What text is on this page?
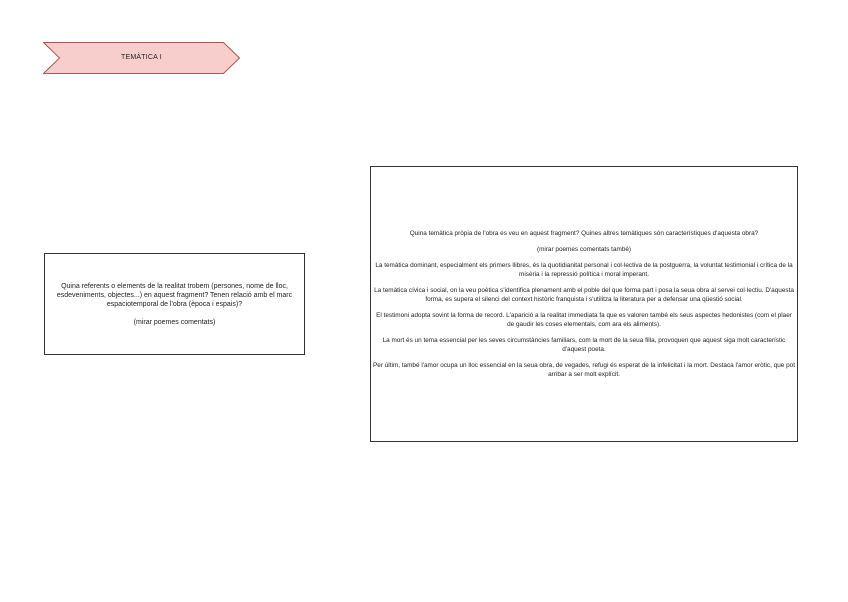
TEMÀTICA I

Quina referents o elements de la realitat trobem (persones, nome de lloc, esdeveniments, objectes...) en aquest fragment? Tenen relació amb el marc espaciotemporal de l'obra (època i espais)?

(mirar poemes comentats)

Quina temàtica pròpia de l'obra es veu en aquest fragment? Quines altres temàtiques són característiques d'aquesta obra?

(mirar poemes comentats també)

La temàtica dominant, especialment els primers llibres, és la quotidianitat personal i col·lectiva de la postguerra, la voluntat testimonial i crítica de la misèria i la repressió política i moral imperant.

La temàtica cívica i social, on la veu poètica s'identifica plenament amb el poble del que forma part i posa la seua obra al servei col·lectiu. D'aquesta forma, es supera el silenci del context històric franquista i s'utilitza la literatura per a defensar una qüestió social.

El testimoni adopta sovint la forma de record. L'aparició a la realitat immediata fa que es valoren també els seus aspectes hedonistes (com el plaer de gaudir les coses elementals, com ara els aliments).

La mort és un tema essencial per les seves circumstàncies familiars, com la mort de la seua filla, provoquen que aquest siga molt característic d'aquest poeta.

Per últim, també l'amor ocupa un lloc essencial en la seua obra, de vegades, refugi és esperat de la infelicitat i la mort. Destaca l'amor eròtic, que pot arribar a ser molt explícit.
